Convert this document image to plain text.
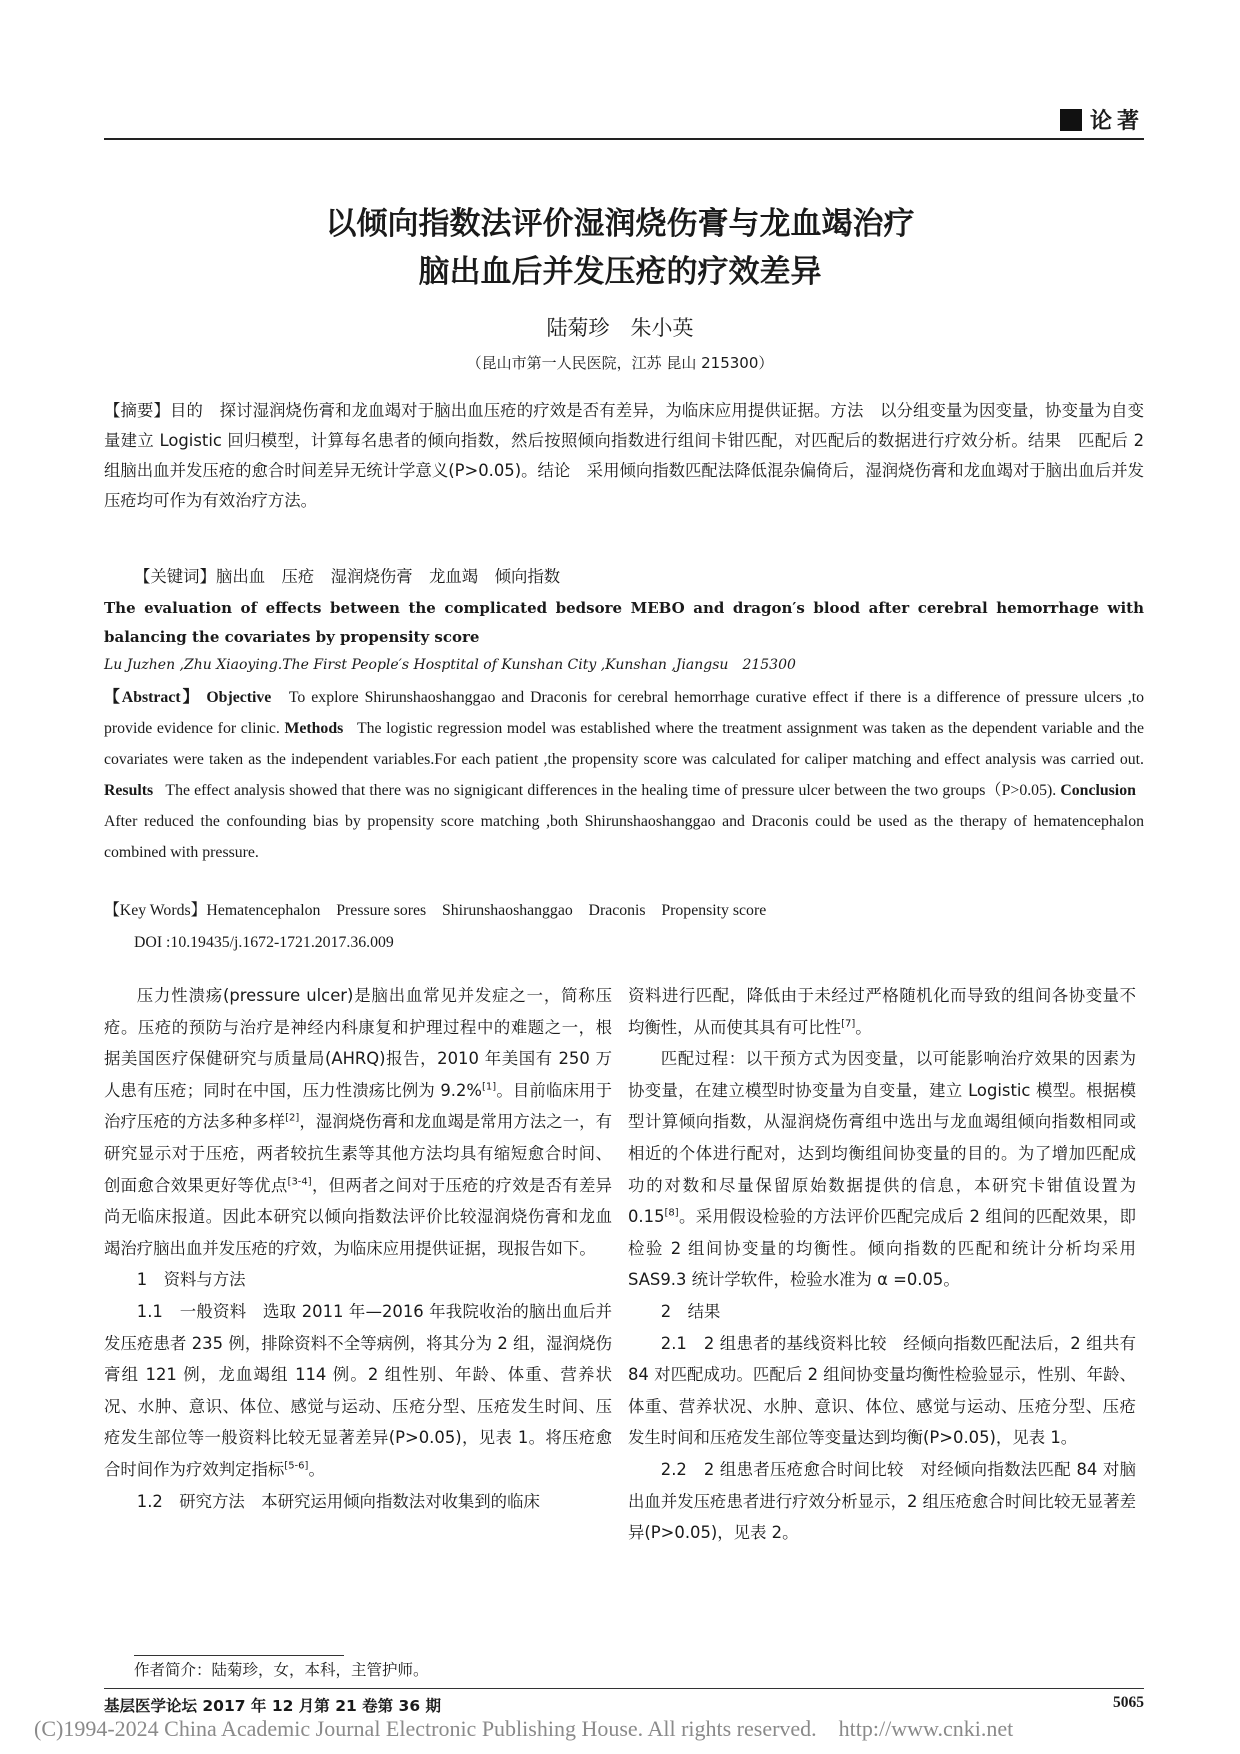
论著
以倾向指数法评价湿润烧伤膏与龙血竭治疗
脑出血后并发压疮的疗效差异
陆菊珍　朱小英
（昆山市第一人民医院，江苏 昆山 215300）
【摘要】目的　探讨湿润烧伤膏和龙血竭对于脑出血压疮的疗效是否有差异，为临床应用提供证据。方法　以分组变量为因变量，协变量为自变量建立 Logistic 回归模型，计算每名患者的倾向指数，然后按照倾向指数进行组间卡钳匹配，对匹配后的数据进行疗效分析。结果　匹配后 2 组脑出血并发压疮的愈合时间差异无统计学意义(P>0.05)。结论　采用倾向指数匹配法降低混杂偏倚后，湿润烧伤膏和龙血竭对于脑出血后并发压疮均可作为有效治疗方法。
【关键词】脑出血　压疮　湿润烧伤膏　龙血竭　倾向指数
The evaluation of effects between the complicated bedsore MEBO and dragon′s blood after cerebral hemorrhage with balancing the covariates by propensity score
Lu Juzhen ,Zhu Xiaoying.The First People′s Hosptital of Kunshan City ,Kunshan ,Jiangsu　215300
【Abstract】 Objective To explore Shirunshaoshanggao and Draconis for cerebral hemorrhage curative effect if there is a difference of pressure ulcers ,to provide evidence for clinic. Methods The logistic regression model was established where the treatment assignment was taken as the dependent variable and the covariates were taken as the independent variables.For each patient ,the propensity score was calculated for caliper matching and effect analysis was carried out. Results The effect analysis showed that there was no signigicant differences in the healing time of pressure ulcer between the two groups（P>0.05). Conclusion   After reduced the confounding bias by propensity score matching ,both Shirunshaoshanggao and Draconis could be used as the therapy of hematencephalon combined with pressure.
【Key Words】Hematencephalon　Pressure sores　Shirunshaoshanggao　Draconis　Propensity score
DOI :10.19435/j.1672-1721.2017.36.009

压力性溃疡(pressure ulcer)是脑出血常见并发症之一，简称压疮。压疮的预防与治疗是神经内科康复和护理过程中的难题之一，根据美国医疗保健研究与质量局(AHRQ)报告，2010 年美国有 250 万人患有压疮；同时在中国，压力性溃疡比例为 9.2%[1]。目前临床用于治疗压疮的方法多种多样[2]，湿润烧伤膏和龙血竭是常用方法之一，有研究显示对于压疮，两者较抗生素等其他方法均具有缩短愈合时间、创面愈合效果更好等优点[3-4]，但两者之间对于压疮的疗效是否有差异尚无临床报道。因此本研究以倾向指数法评价比较湿润烧伤膏和龙血竭治疗脑出血并发压疮的疗效，为临床应用提供证据，现报告如下。

1　资料与方法

1.1　一般资料　选取 2011 年—2016 年我院收治的脑出血后并发压疮患者 235 例，排除资料不全等病例，将其分为 2 组，湿润烧伤膏组 121 例，龙血竭组 114 例。2 组性别、年龄、体重、营养状况、水肿、意识、体位、感觉与运动、压疮分型、压疮发生时间、压疮发生部位等一般资料比较无显著差异(P>0.05)，见表 1。将压疮愈合时间作为疗效判定指标[5-6]。

1.2　研究方法　本研究运用倾向指数法对收集到的临床

资料进行匹配，降低由于未经过严格随机化而导致的组间各协变量不均衡性，从而使其具有可比性[7]。

匹配过程：以干预方式为因变量，以可能影响治疗效果的因素为协变量，在建立模型时协变量为自变量，建立 Logistic 模型。根据模型计算倾向指数，从湿润烧伤膏组中选出与龙血竭组倾向指数相同或相近的个体进行配对，达到均衡组间协变量的目的。为了增加匹配成功的对数和尽量保留原始数据提供的信息，本研究卡钳值设置为 0.15[8]。采用假设检验的方法评价匹配完成后 2 组间的匹配效果，即检验 2 组间协变量的均衡性。倾向指数的匹配和统计分析均采用 SAS9.3 统计学软件，检验水准为 α =0.05。

2　结果

2.1　2 组患者的基线资料比较　经倾向指数匹配法后，2 组共有 84 对匹配成功。匹配后 2 组间协变量均衡性检验显示，性别、年龄、体重、营养状况、水肿、意识、体位、感觉与运动、压疮分型、压疮发生时间和压疮发生部位等变量达到均衡(P>0.05)，见表 1。

2.2　2 组患者压疮愈合时间比较　对经倾向指数法匹配 84 对脑出血并发压疮患者进行疗效分析显示，2 组压疮愈合时间比较无显著差异(P>0.05)，见表 2。

作者简介：陆菊珍，女，本科，主管护师。
基层医学论坛 2017 年 12 月第 21 卷第 36 期	5065
(C)1994-2024 China Academic Journal Electronic Publishing House. All rights reserved.　http://www.cnki.net
